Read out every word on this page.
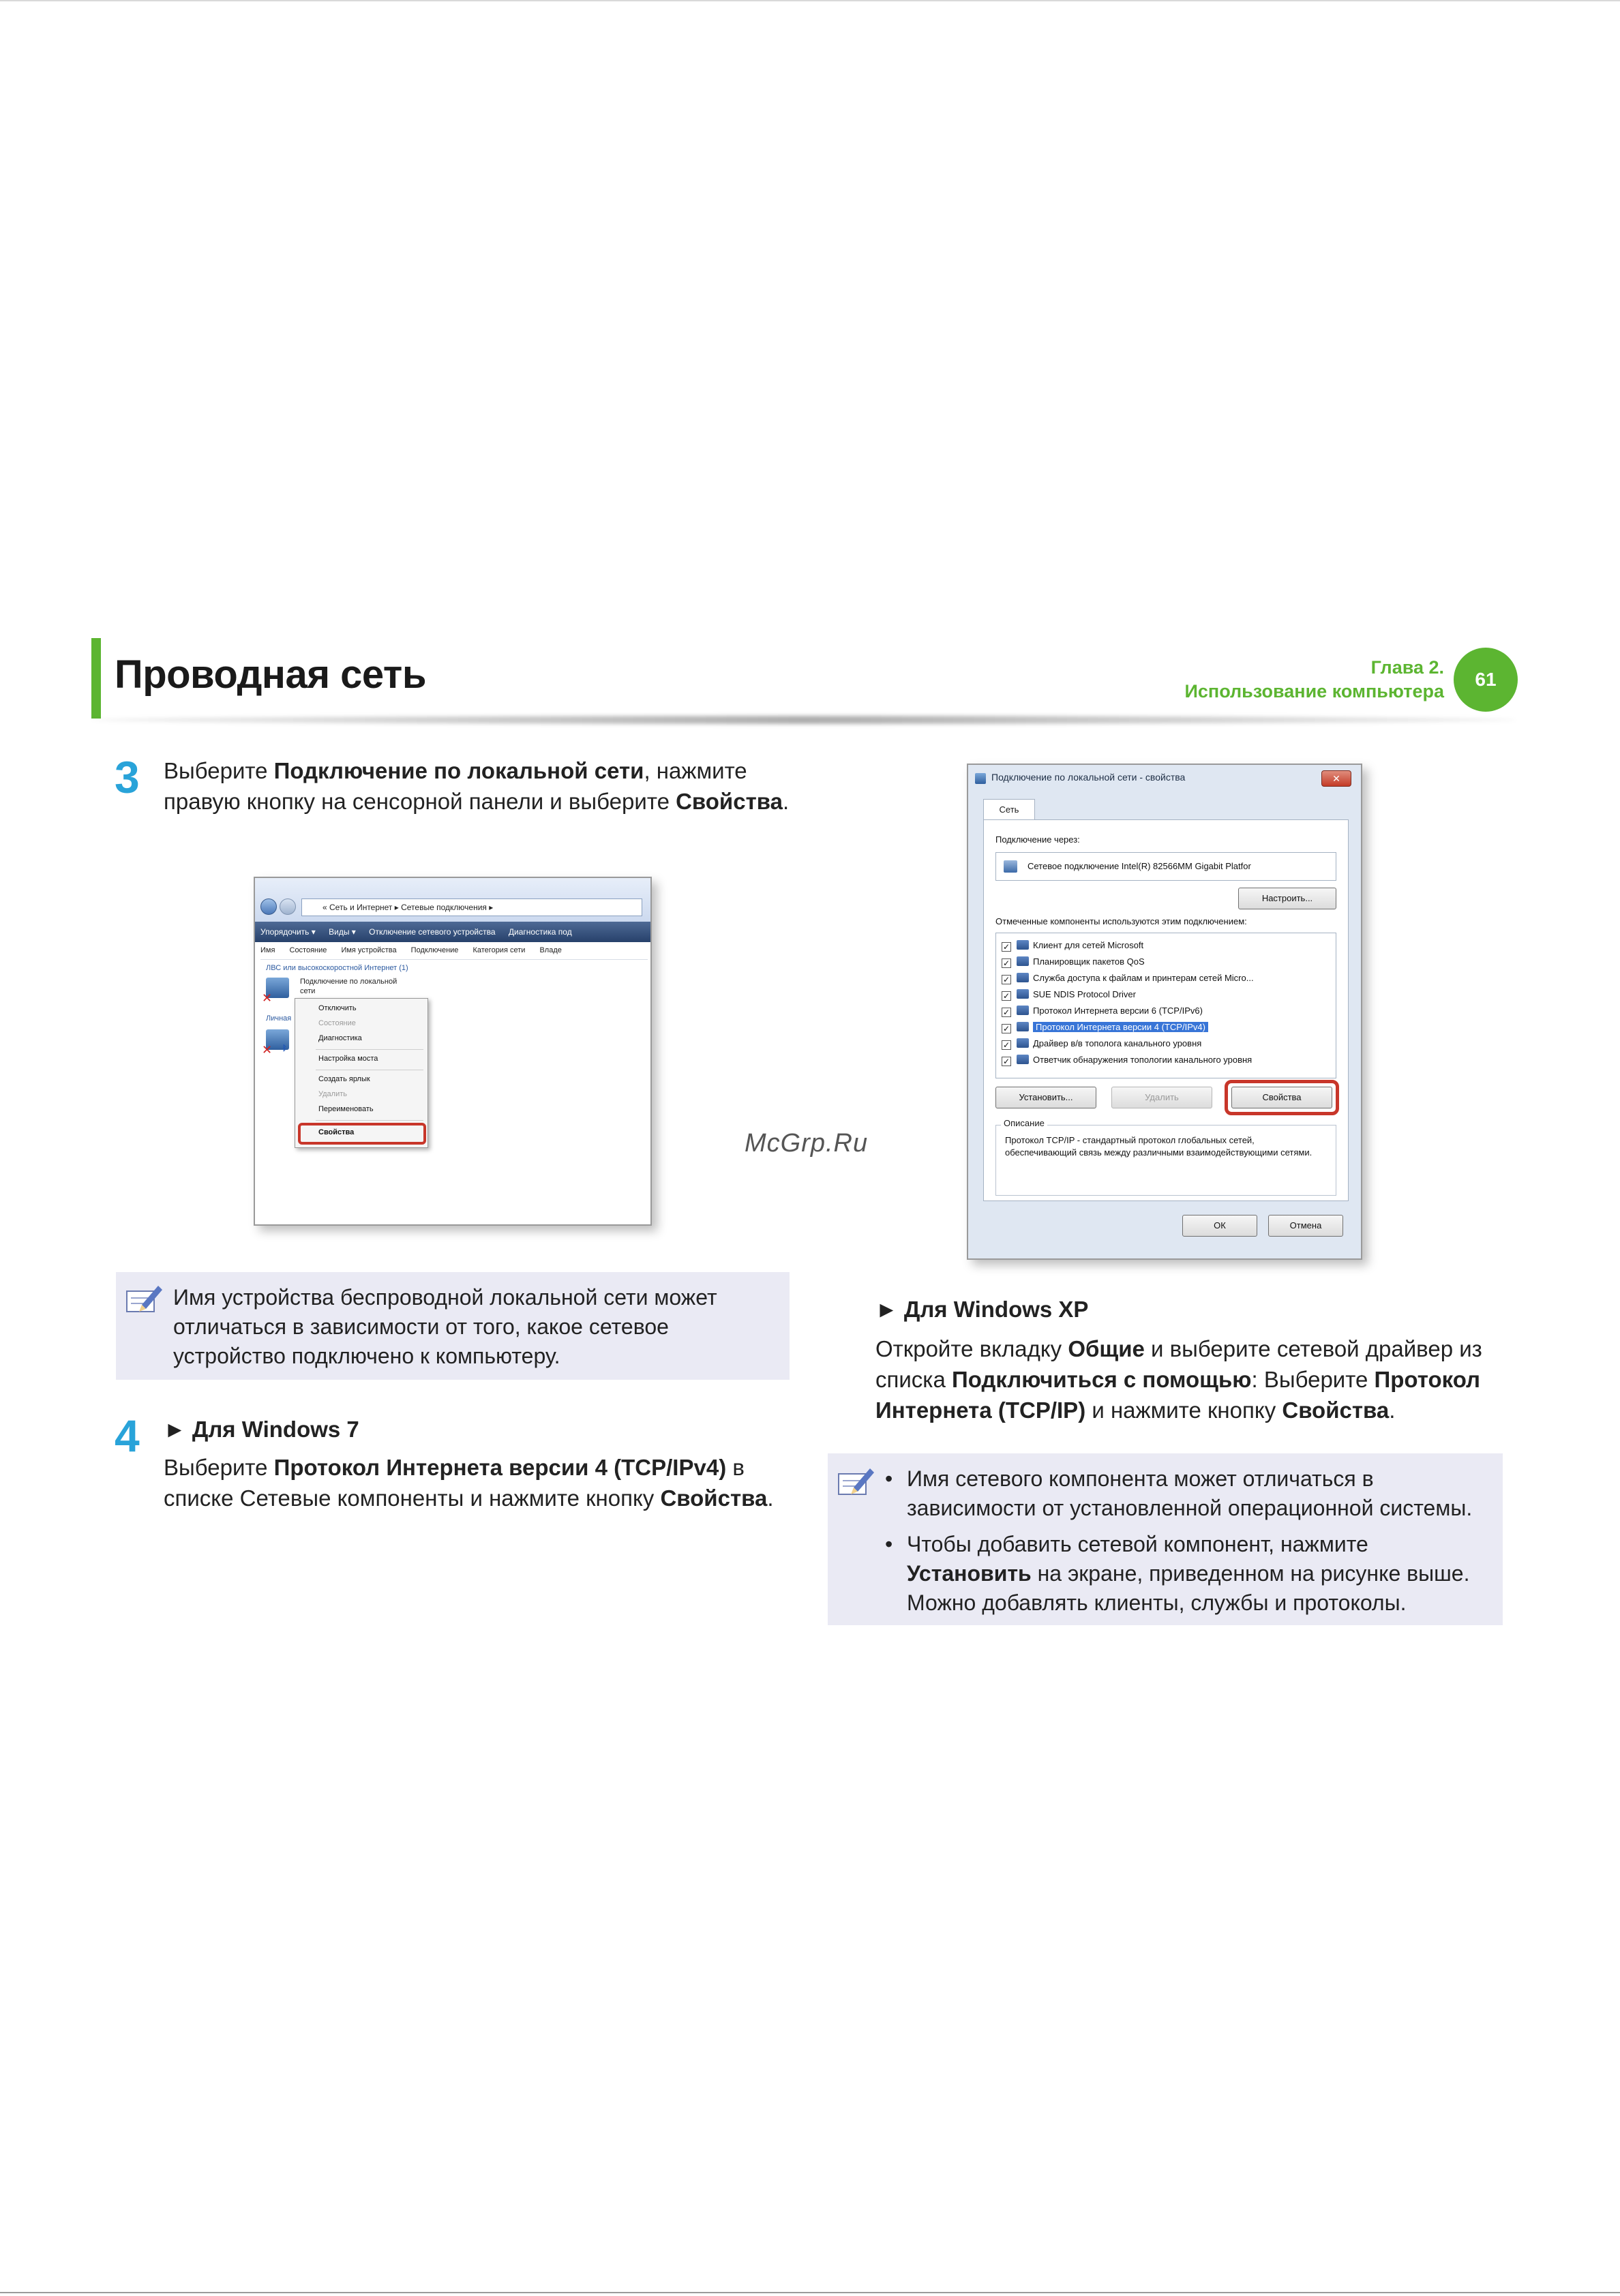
Проводная сеть	Глава 2.
Использование компьютера
61
3 Выберите Подключение по локальной сети, нажмите правую кнопку на сенсорной панели и выберите Свойства.
« Сеть и Интернет ▸ Сетевые подключения ▸
Упорядочить ▾ Виды ▾ Отключение сетевого устройства Диагностика под
Имя Состояние Имя устройства Подключение Категория сети Владе
ЛВС или высокоскоростной Интернет (1)
✕
Подключение по локальной
сети
Личная
✕ ᛒ
Отключить
Состояние
Диагностика
Настройка моста
Создать ярлык
Удалить
Переименовать
Свойства
Имя устройства беспроводной локальной сети может отличаться в зависимости от того, какое сетевое устройство подключено к компьютеру.
4 ► Для Windows 7
Выберите Протокол Интернета версии 4 (TCP/IPv4) в списке Сетевые компоненты и нажмите кнопку Свойства.
Подключение по локальной сети - свойства	✕
Сеть
Подключение через:
Сетевое подключение Intel(R) 82566MM Gigabit Platfor
Настроить...
Отмеченные компоненты используются этим подключением:
✓	Клиент для сетей Microsoft
✓	Планировщик пакетов QoS
✓	Служба доступа к файлам и принтерам сетей Micro...
✓	SUE NDIS Protocol Driver
✓	Протокол Интернета версии 6 (TCP/IPv6)
✓	Протокол Интернета версии 4 (TCP/IPv4)
✓	Драйвер в/в тополога канального уровня
✓	Ответчик обнаружения топологии канального уровня
Установить...	Удалить	Свойства
Описание
Протокол TCP/IP - стандартный протокол глобальных сетей, обеспечивающий связь между различными взаимодействующими сетями.
ОК	Отмена
McGrp.Ru
► Для Windows XP
Откройте вкладку Общие и выберите сетевой драйвер из списка Подключиться с помощью: Выберите Протокол Интернета (TCP/IP) и нажмите кнопку Свойства.
• Имя сетевого компонента может отличаться в зависимости от установленной операционной системы.
• Чтобы добавить сетевой компонент, нажмите Установить на экране, приведенном на рисунке выше. Можно добавлять клиенты, службы и протоколы.
